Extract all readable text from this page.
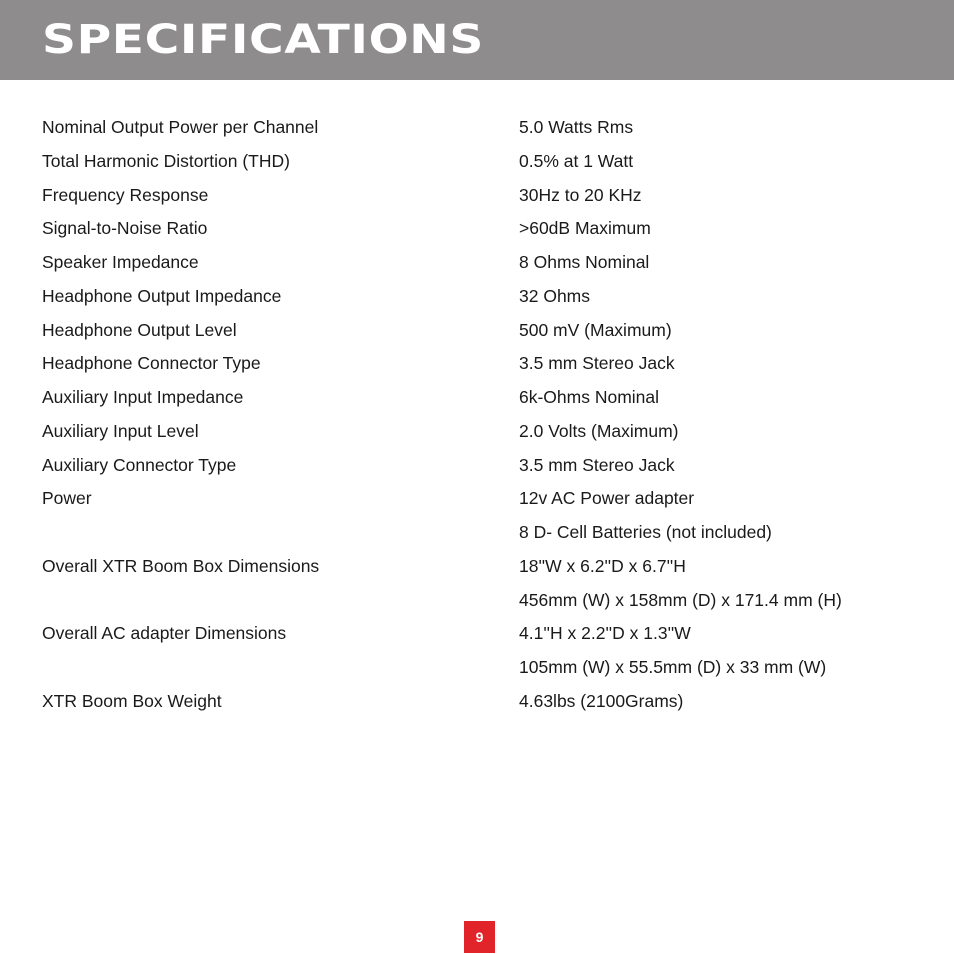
SPECIFICATIONS
Nominal Output Power per Channel	5.0 Watts Rms
Total Harmonic Distortion (THD)	0.5% at 1 Watt
Frequency Response	30Hz to 20 KHz
Signal-to-Noise Ratio	>60dB Maximum
Speaker Impedance	8 Ohms Nominal
Headphone Output Impedance	32 Ohms
Headphone Output Level	500 mV (Maximum)
Headphone Connector Type	3.5 mm Stereo Jack
Auxiliary Input Impedance	6k-Ohms Nominal
Auxiliary Input Level	2.0 Volts (Maximum)
Auxiliary Connector Type	3.5 mm Stereo Jack
Power	12v AC Power adapter
8 D- Cell Batteries (not included)
Overall XTR Boom Box Dimensions	18''W x 6.2''D x 6.7''H
456mm (W) x 158mm (D) x 171.4 mm (H)
Overall AC adapter Dimensions	4.1''H x 2.2''D x 1.3''W
105mm (W) x 55.5mm (D) x 33 mm (W)
XTR Boom Box Weight	4.63lbs (2100Grams)
9
